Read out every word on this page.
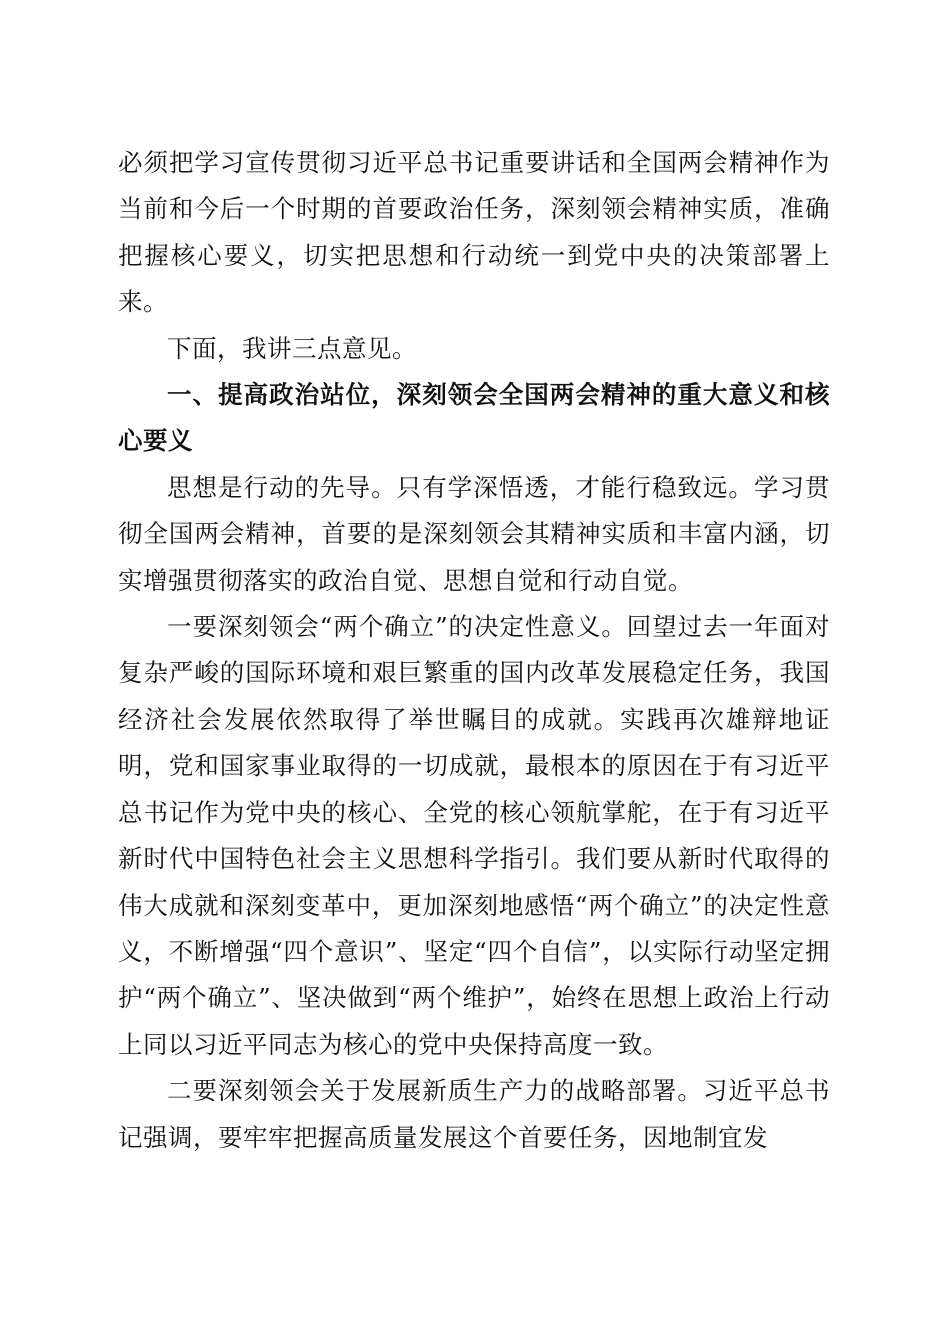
必须把学习宣传贯彻习近平总书记重要讲话和全国两会精神作为当前和今后一个时期的首要政治任务，深刻领会精神实质，准确把握核心要义，切实把思想和行动统一到党中央的决策部署上来。

下面，我讲三点意见。

一、提高政治站位，深刻领会全国两会精神的重大意义和核心要义

思想是行动的先导。只有学深悟透，才能行稳致远。学习贯彻全国两会精神，首要的是深刻领会其精神实质和丰富内涵，切实增强贯彻落实的政治自觉、思想自觉和行动自觉。

一要深刻领会“两个确立”的决定性意义。回望过去一年面对复杂严峻的国际环境和艰巨繁重的国内改革发展稳定任务，我国经济社会发展依然取得了举世瞩目的成就。实践再次雄辩地证明，党和国家事业取得的一切成就，最根本的原因在于有习近平总书记作为党中央的核心、全党的核心领航掌舵，在于有习近平新时代中国特色社会主义思想科学指引。我们要从新时代取得的伟大成就和深刻变革中，更加深刻地感悟“两个确立”的决定性意义，不断增强“四个意识”、坚定“四个自信”，以实际行动坚定拥护“两个确立”、坚决做到“两个维护”，始终在思想上政治上行动上同以习近平同志为核心的党中央保持高度一致。

二要深刻领会关于发展新质生产力的战略部署。习近平总书记强调，要牢牢把握高质量发展这个首要任务，因地制宜发
